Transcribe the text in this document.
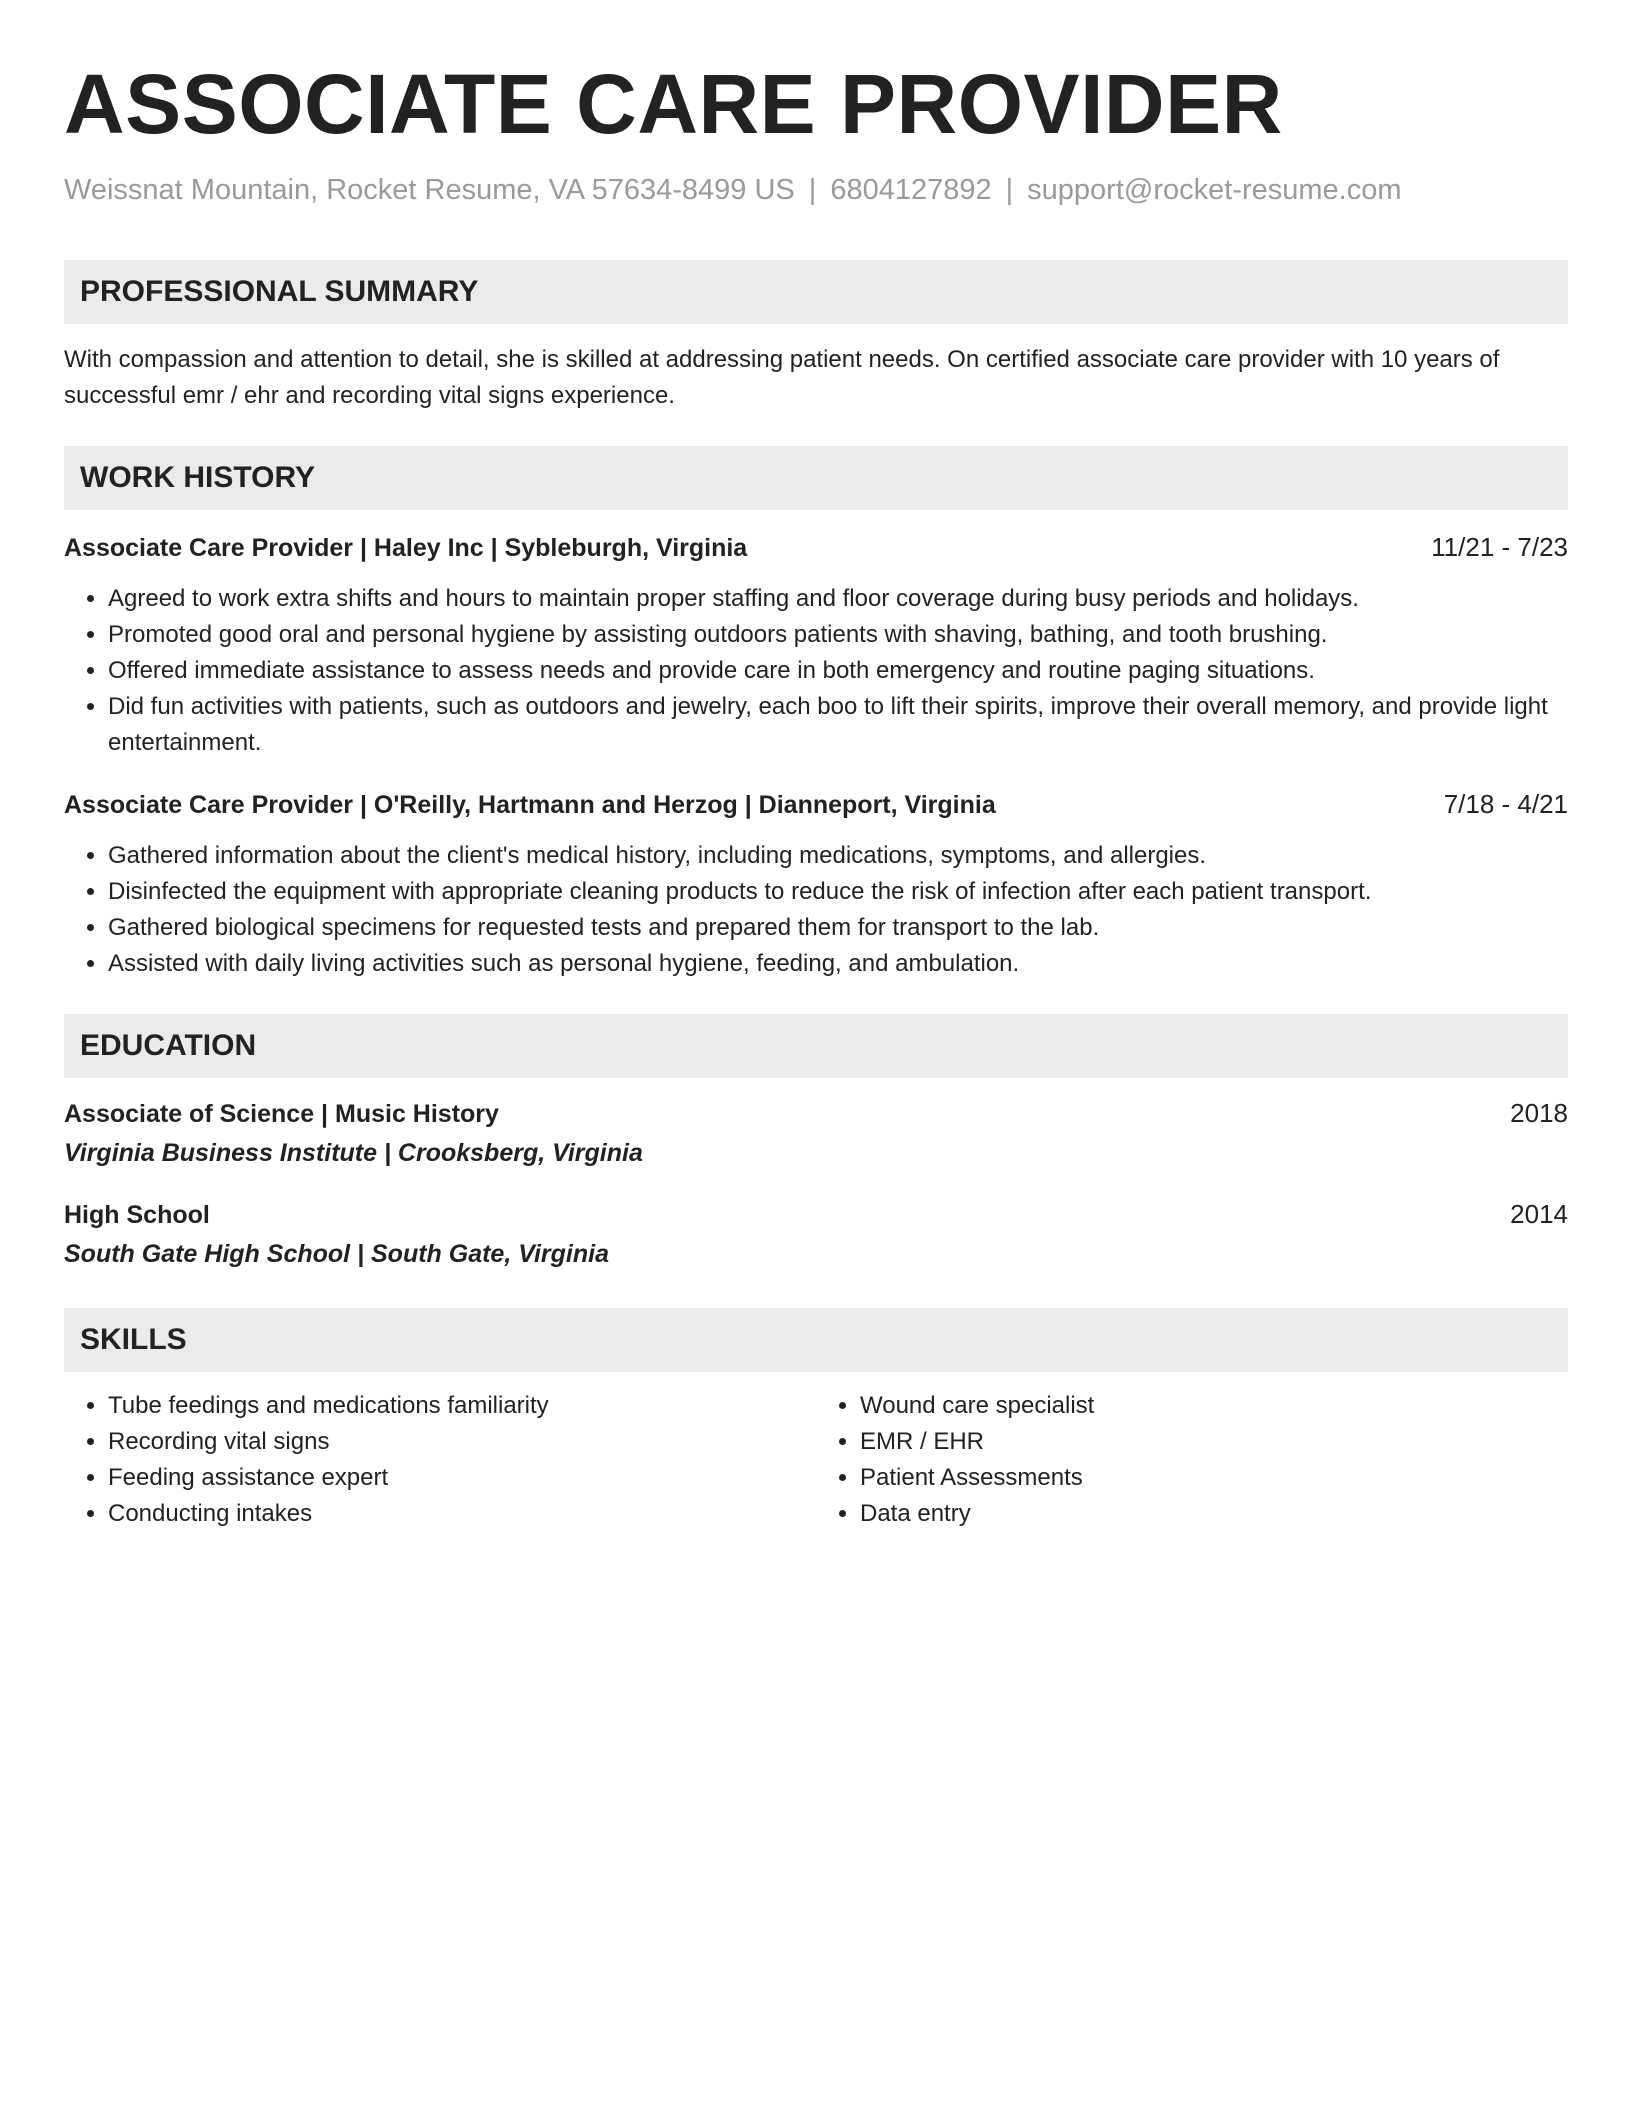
ASSOCIATE CARE PROVIDER
Weissnat Mountain, Rocket Resume, VA 57634-8499 US | 6804127892 | support@rocket-resume.com
PROFESSIONAL SUMMARY

With compassion and attention to detail, she is skilled at addressing patient needs. On certified associate care provider with 10 years of successful emr / ehr and recording vital signs experience.

WORK HISTORY
Associate Care Provider | Haley Inc | Sybleburgh, Virginia	11/21 - 7/23
• Agreed to work extra shifts and hours to maintain proper staffing and floor coverage during busy periods and holidays.
• Promoted good oral and personal hygiene by assisting outdoors patients with shaving, bathing, and tooth brushing.
• Offered immediate assistance to assess needs and provide care in both emergency and routine paging situations.
• Did fun activities with patients, such as outdoors and jewelry, each boo to lift their spirits, improve their overall memory, and provide light entertainment.
Associate Care Provider | O'Reilly, Hartmann and Herzog | Dianneport, Virginia	7/18 - 4/21
• Gathered information about the client's medical history, including medications, symptoms, and allergies.
• Disinfected the equipment with appropriate cleaning products to reduce the risk of infection after each patient transport.
• Gathered biological specimens for requested tests and prepared them for transport to the lab.
• Assisted with daily living activities such as personal hygiene, feeding, and ambulation.
EDUCATION
Associate of Science | Music History	2018
Virginia Business Institute | Crooksberg, Virginia
High School	2014
South Gate High School | South Gate, Virginia
SKILLS
• Tube feedings and medications familiarity
• Recording vital signs
• Feeding assistance expert
• Conducting intakes
• Wound care specialist
• EMR / EHR
• Patient Assessments
• Data entry
